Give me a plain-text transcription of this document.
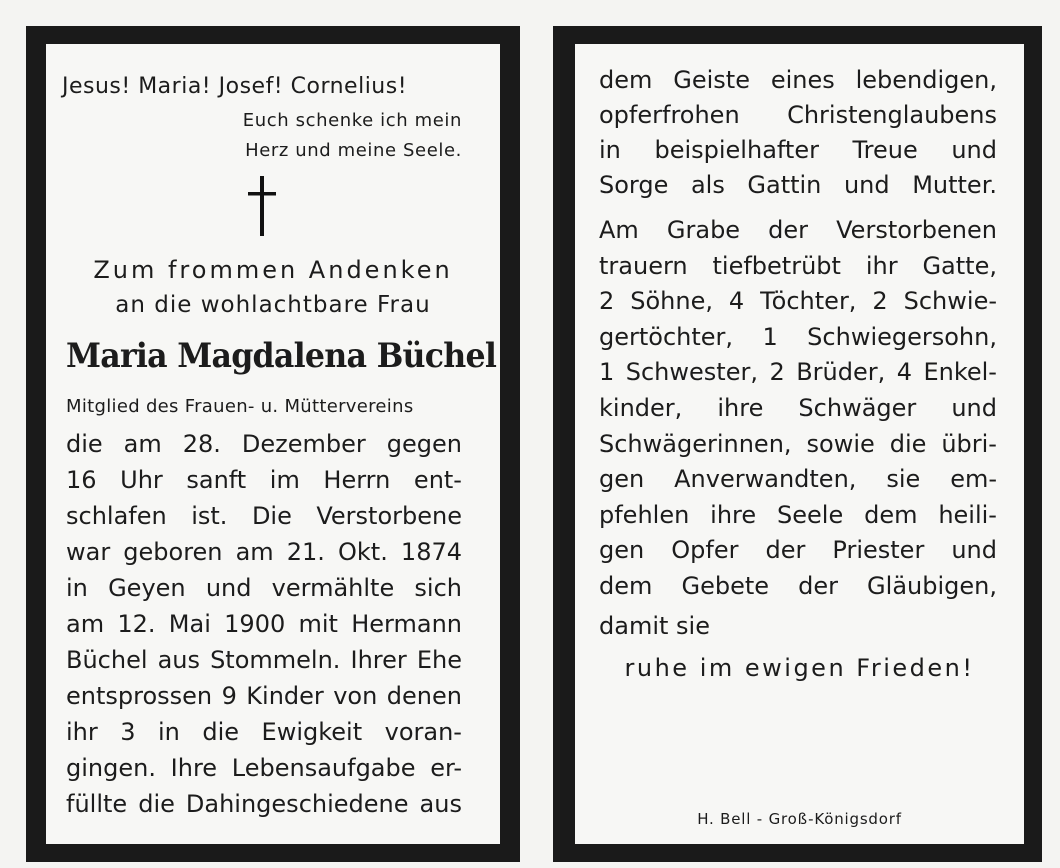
Jesus! Maria! Josef! Cornelius!
Euch schenke ich mein
Herz und meine Seele.
Zum frommen Andenken
an die wohlachtbare Frau
Maria Magdalena Büchel
Mitglied des Frauen- u. Müttervereins
die am 28. Dezember gegen
16 Uhr sanft im Herrn ent-
schlafen ist. Die Verstorbene
war geboren am 21. Okt. 1874
in Geyen und vermählte sich
am 12. Mai 1900 mit Hermann
Büchel aus Stommeln. Ihrer Ehe
entsprossen 9 Kinder von denen
ihr 3 in die Ewigkeit voran-
gingen. Ihre Lebensaufgabe er-
füllte die Dahingeschiedene aus
dem Geiste eines lebendigen,
opferfrohen Christenglaubens
in beispielhafter Treue und
Sorge als Gattin und Mutter.
Am Grabe der Verstorbenen
trauern tiefbetrübt ihr Gatte,
2 Söhne, 4 Töchter, 2 Schwie-
gertöchter, 1 Schwiegersohn,
1 Schwester, 2 Brüder, 4 Enkel-
kinder, ihre Schwäger und
Schwägerinnen, sowie die übri-
gen Anverwandten, sie em-
pfehlen ihre Seele dem heili-
gen Opfer der Priester und
dem Gebete der Gläubigen,
damit sie
ruhe im ewigen Frieden!
H. Bell - Groß-Königsdorf
